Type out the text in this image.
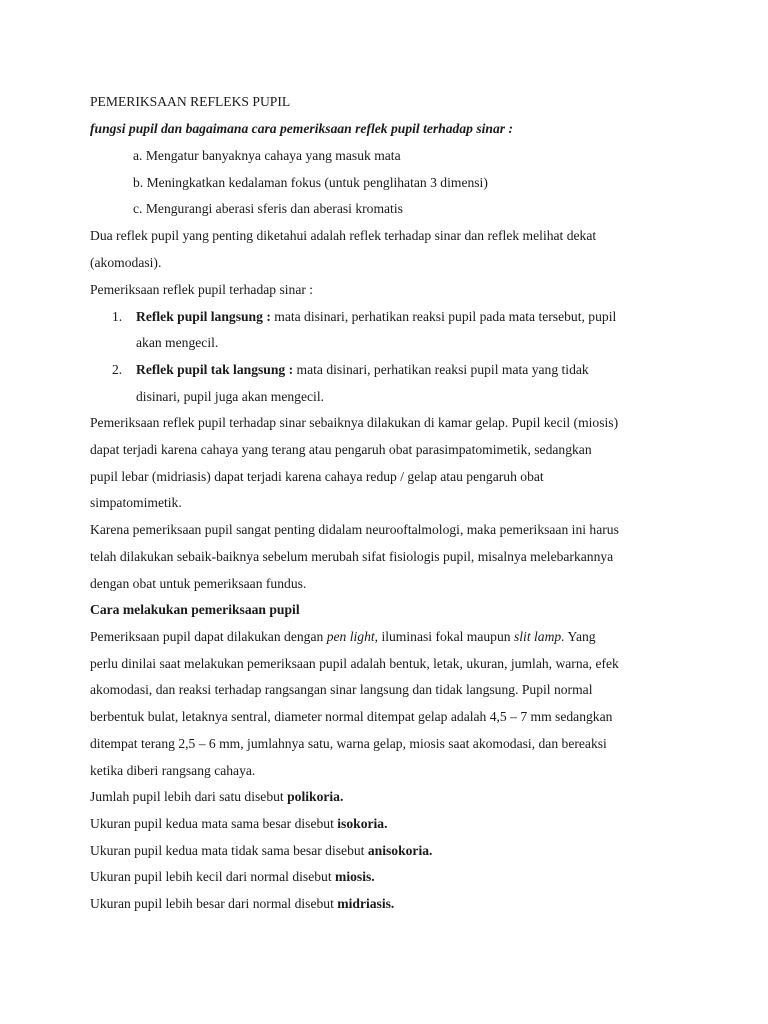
PEMERIKSAAN REFLEKS PUPIL
fungsi pupil dan bagaimana cara pemeriksaan reflek pupil terhadap sinar :
a. Mengatur banyaknya cahaya yang masuk mata
b. Meningkatkan kedalaman fokus (untuk penglihatan 3 dimensi)
c. Mengurangi aberasi sferis dan aberasi kromatis
Dua reflek pupil yang penting diketahui adalah reflek terhadap sinar dan reflek melihat dekat
(akomodasi).
Pemeriksaan reflek pupil terhadap sinar :
1. Reflek pupil langsung : mata disinari, perhatikan reaksi pupil pada mata tersebut, pupil
akan mengecil.
2. Reflek pupil tak langsung : mata disinari, perhatikan reaksi pupil mata yang tidak
disinari, pupil juga akan mengecil.
Pemeriksaan reflek pupil terhadap sinar sebaiknya dilakukan di kamar gelap. Pupil kecil (miosis)
dapat terjadi karena cahaya yang terang atau pengaruh obat parasimpatomimetik, sedangkan
pupil lebar (midriasis) dapat terjadi karena cahaya redup / gelap atau pengaruh obat
simpatomimetik.
Karena pemeriksaan pupil sangat penting didalam neurooftalmologi, maka pemeriksaan ini harus
telah dilakukan sebaik-baiknya sebelum merubah sifat fisiologis pupil, misalnya melebarkannya
dengan obat untuk pemeriksaan fundus.
Cara melakukan pemeriksaan pupil
Pemeriksaan pupil dapat dilakukan dengan pen light, iluminasi fokal maupun slit lamp. Yang
perlu dinilai saat melakukan pemeriksaan pupil adalah bentuk, letak, ukuran, jumlah, warna, efek
akomodasi, dan reaksi terhadap rangsangan sinar langsung dan tidak langsung. Pupil normal
berbentuk bulat, letaknya sentral, diameter normal ditempat gelap adalah 4,5 – 7 mm sedangkan
ditempat terang 2,5 – 6 mm, jumlahnya satu, warna gelap, miosis saat akomodasi, dan bereaksi
ketika diberi rangsang cahaya.
Jumlah pupil lebih dari satu disebut polikoria.
Ukuran pupil kedua mata sama besar disebut isokoria.
Ukuran pupil kedua mata tidak sama besar disebut anisokoria.
Ukuran pupil lebih kecil dari normal disebut miosis.
Ukuran pupil lebih besar dari normal disebut midriasis.
